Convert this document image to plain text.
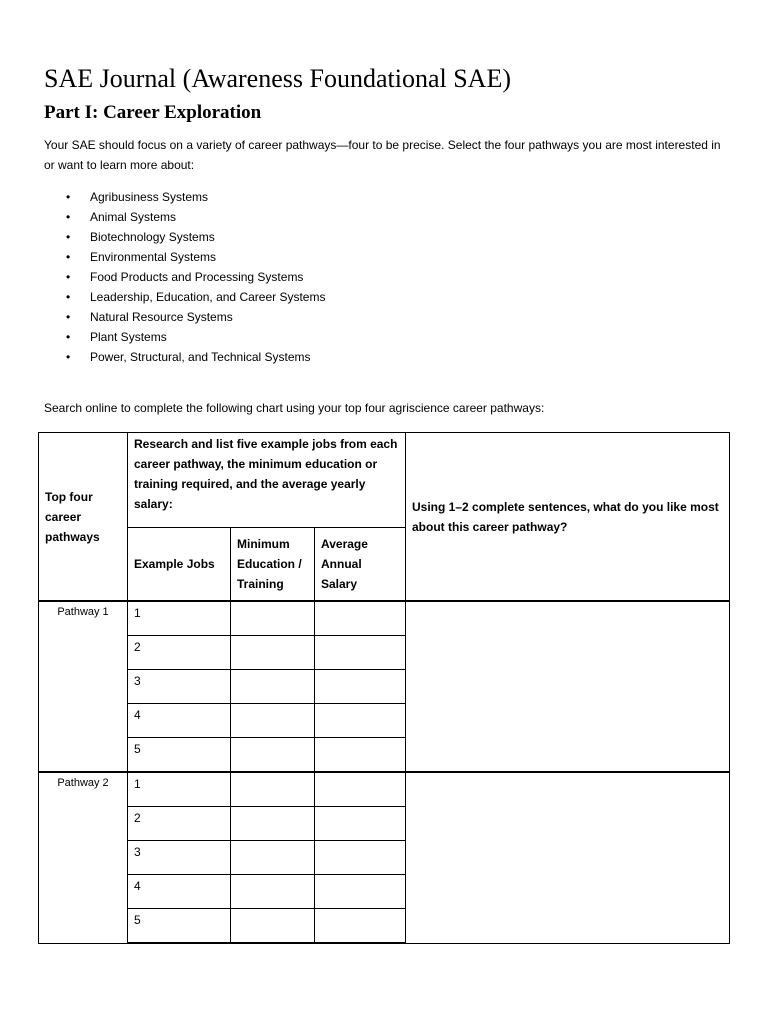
SAE Journal (Awareness Foundational SAE)
Part I: Career Exploration

Your SAE should focus on a variety of career pathways—four to be precise. Select the four pathways you are most interested in or want to learn more about:

• Agribusiness Systems
• Animal Systems
• Biotechnology Systems
• Environmental Systems
• Food Products and Processing Systems
• Leadership, Education, and Career Systems
• Natural Resource Systems
• Plant Systems
• Power, Structural, and Technical Systems

Search online to complete the following chart using your top four agriscience career pathways:

Top four career pathways	Research and list five example jobs from each career pathway, the minimum education or training required, and the average yearly salary:			Using 1–2 complete sentences, what do you like most about this career pathway?
	Example Jobs	Minimum Education / Training	Average Annual Salary	

Pathway 1	1			

	2			

	3			

	4			

	5			

Pathway 2	1			

	2			

	3			

	4			

	5			
